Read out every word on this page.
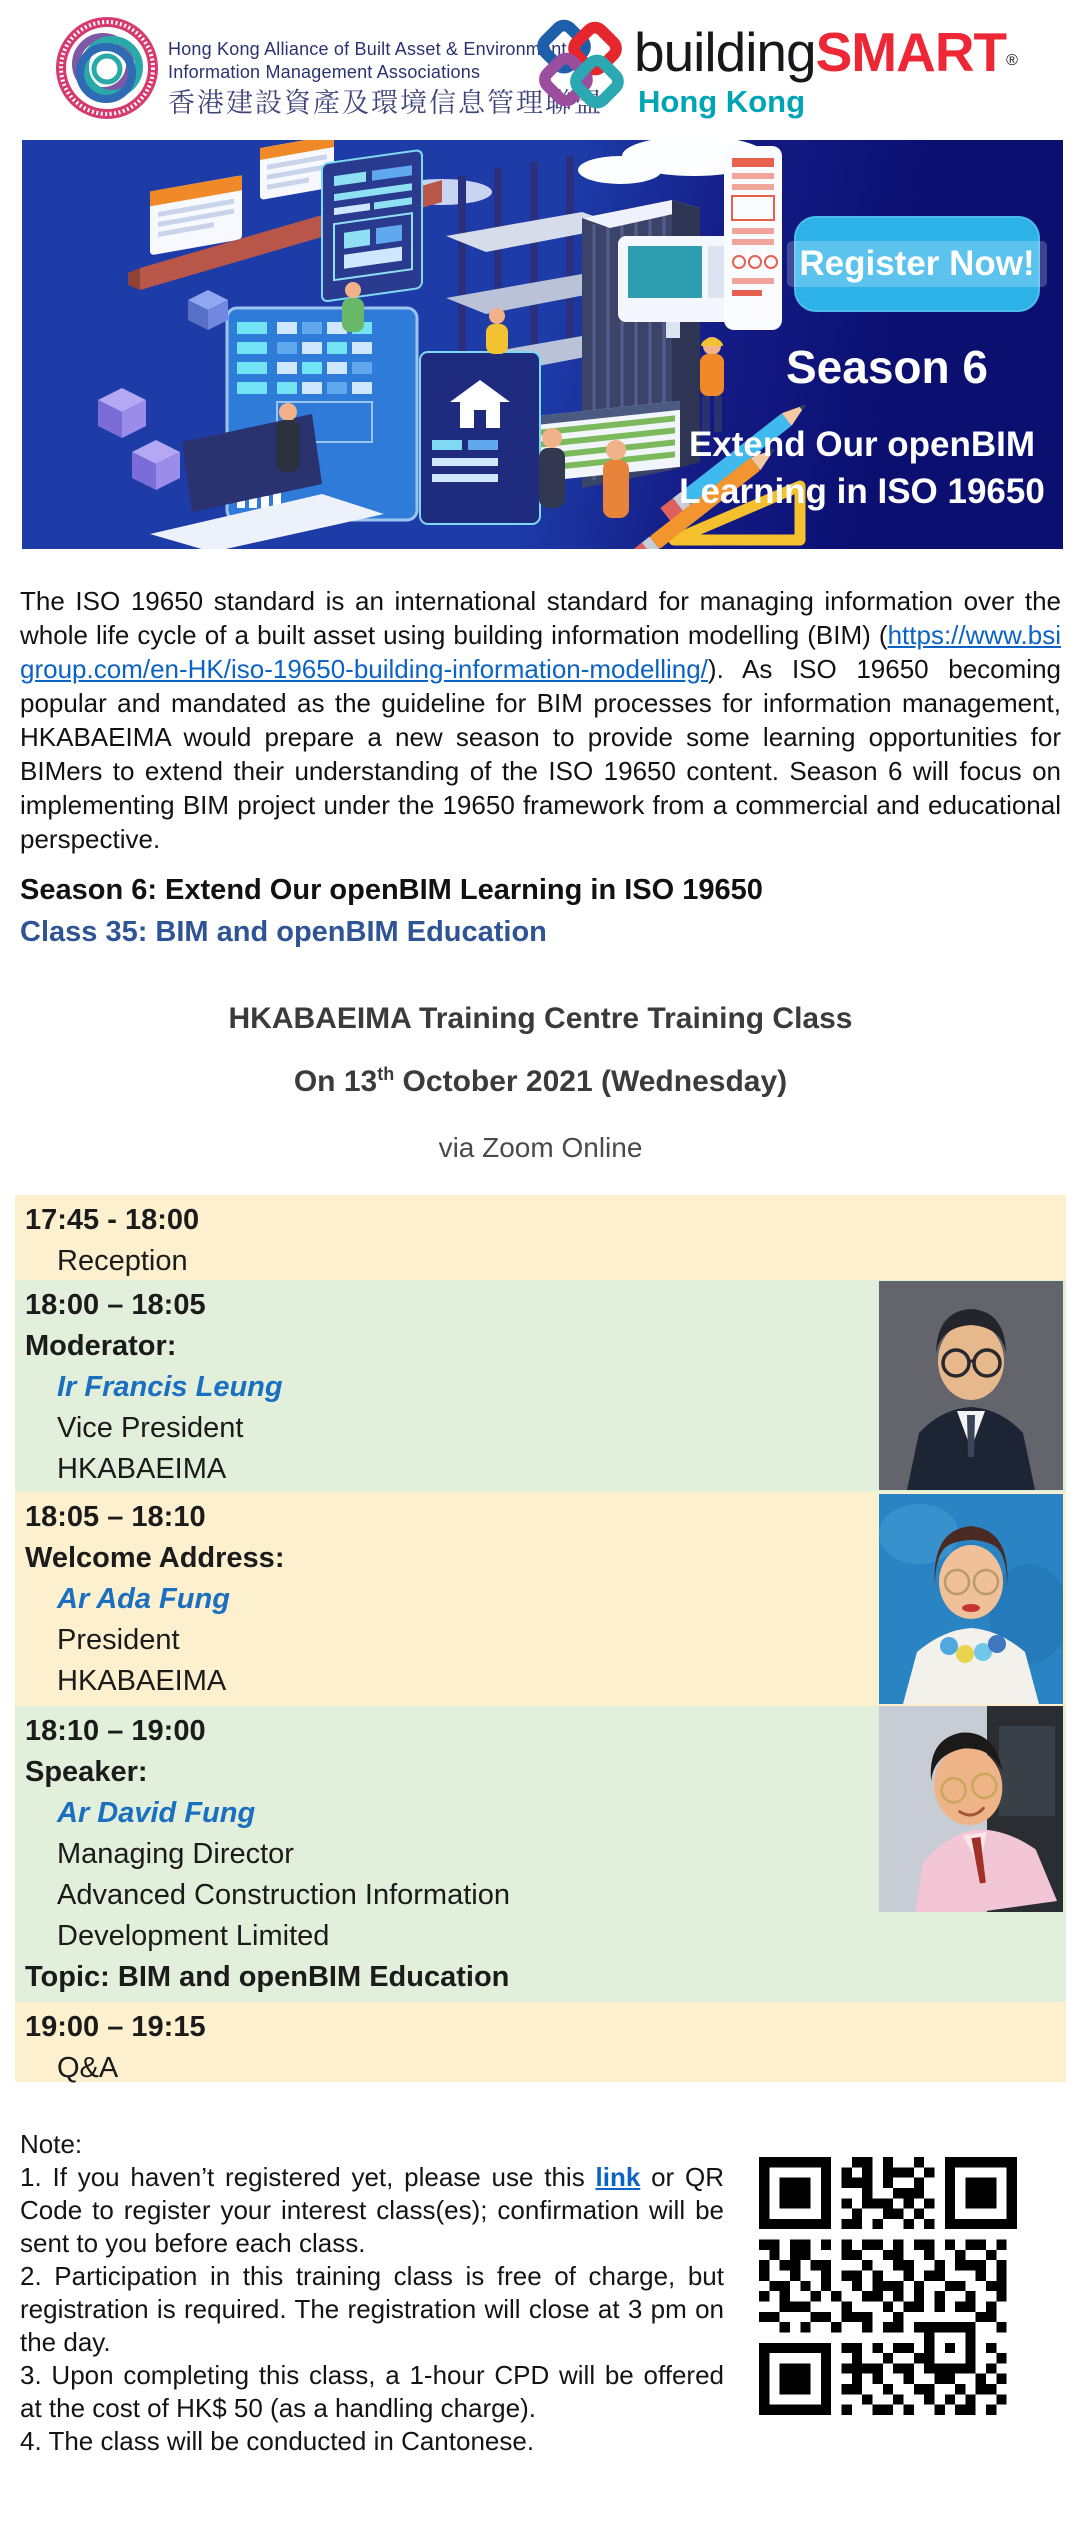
Hong Kong Alliance of Built Asset & Environment
Information Management Associations
香港建設資產及環境信息管理聯盟
buildingSMART®
Hong Kong
Register Now!
Season 6
Extend Our openBIM
Learning in ISO 19650
The ISO 19650 standard is an international standard for managing information over the whole life cycle of a built asset using building information modelling (BIM) (https://www.bsigroup.com/en-HK/iso-19650-building-information-modelling/). As ISO 19650 becoming popular and mandated as the guideline for BIM processes for information management, HKABAEIMA would prepare a new season to provide some learning opportunities for BIMers to extend their understanding of the ISO 19650 content. Season 6 will focus on implementing BIM project under the 19650 framework from a commercial and educational perspective.
Season 6: Extend Our openBIM Learning in ISO 19650
Class 35: BIM and openBIM Education
HKABAEIMA Training Centre Training Class
On 13th October 2021 (Wednesday)
via Zoom Online
17:45 - 18:00
Reception
18:00 – 18:05
Moderator:
Ir Francis Leung
Vice President
HKABAEIMA
18:05 – 18:10
Welcome Address:
Ar Ada Fung
President
HKABAEIMA
18:10 – 19:00
Speaker:
Ar David Fung
Managing Director
Advanced Construction Information
Development Limited
Topic: BIM and openBIM Education
19:00 – 19:15
Q&A
Note:
1. If you haven’t registered yet, please use this link or QR Code to register your interest class(es); confirmation will be sent to you before each class.
2. Participation in this training class is free of charge, but registration is required. The registration will close at 3 pm on the day.
3. Upon completing this class, a 1-hour CPD will be offered at the cost of HK$ 50 (as a handling charge).
4. The class will be conducted in Cantonese.
